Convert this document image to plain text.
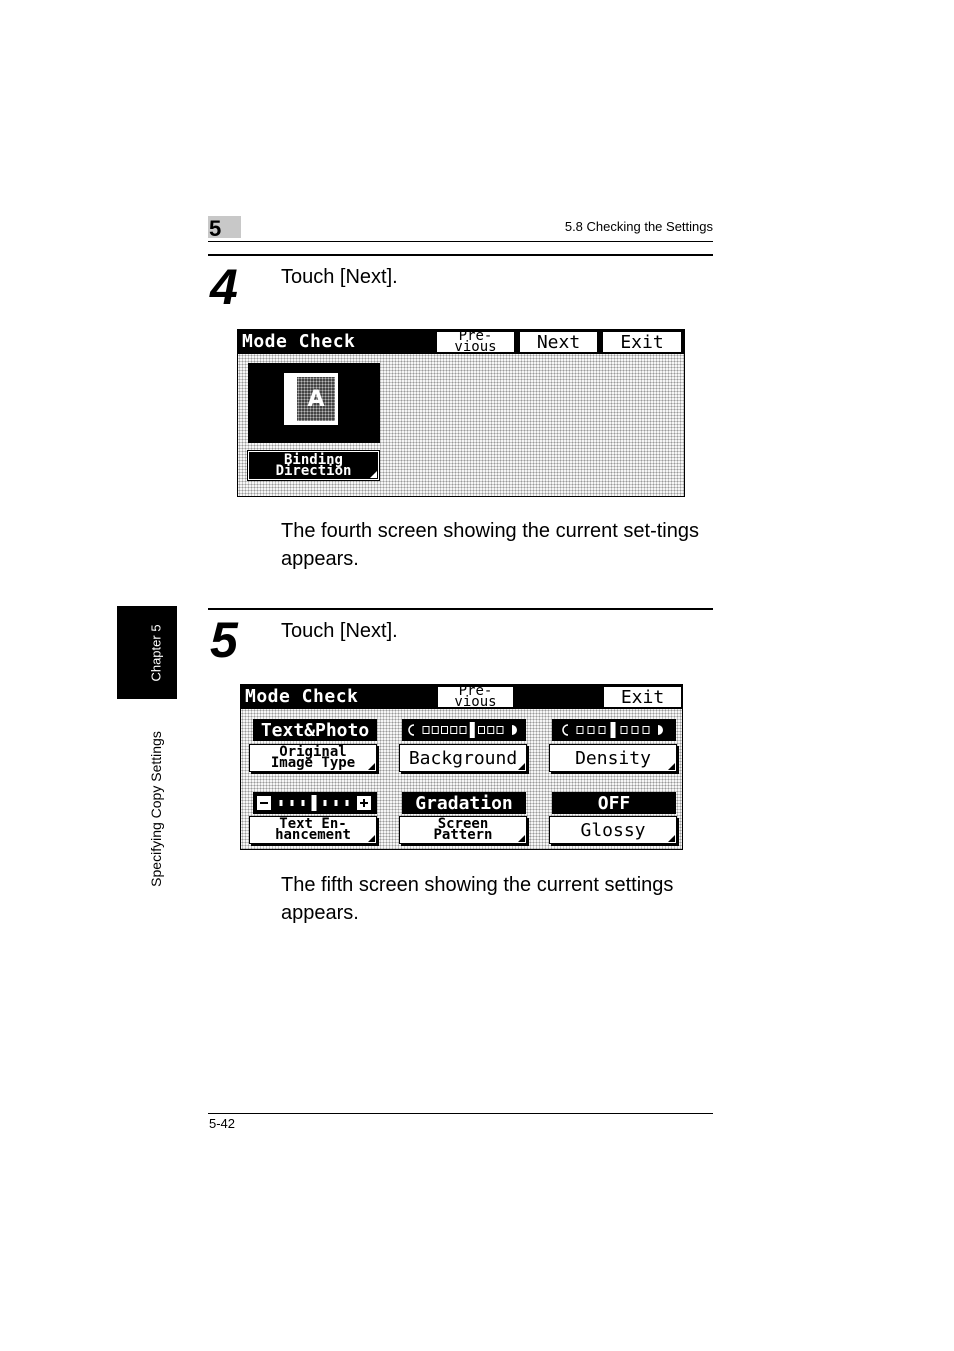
5	5.8 Checking the Settings
Chapter 5
Specifying Copy Settings
4 Touch [Next].
Mode Check	Pre-
vious	Next	Exit
A
Binding
Direction
The fourth screen showing the current set-tings appears.
5 Touch [Next].
Mode Check	Pre-
vious	Exit
Text&Photo
Original
Image Type	Background	Density
Gradation	OFF
Text En-
hancement
Screen
Pattern	Glossy
The fifth screen showing the current settings appears.
5-42
